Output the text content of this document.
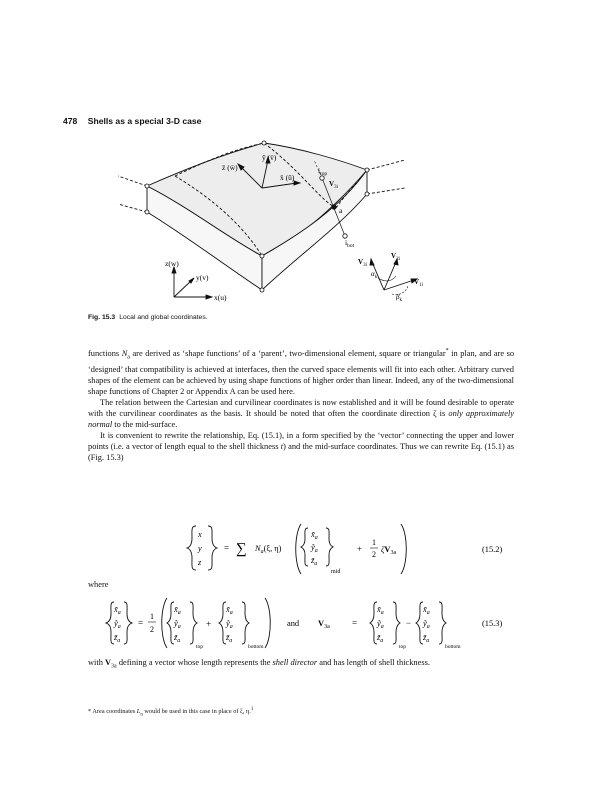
478 Shells as a special 3-D case
z̄ (w̄)
ȳ (v̄)
x̄ (ū)
z(w)
y(v)
x(u)
$i_{top}$
$V_{3i}$
a
$i_{bot}$
$V_{3i}$
$V_{2i}$
$V_{1i}$
$\alpha_k$
$\beta_k$
Fig. 15.3 Local and global coordinates.

functions $N_a$ are derived as ‘shape functions’ of a ‘parent’, two-dimensional element, square or triangular* in plan, and are so ‘designed’ that compatibility is achieved at interfaces, then the curved space elements will fit into each other. Arbitrary curved shapes of the element can be achieved by using shape functions of higher order than linear. Indeed, any of the two-dimensional shape functions of Chapter 2 or Appendix A can be used here.

The relation between the Cartesian and curvilinear coordinates is now established and it will be found desirable to operate with the curvilinear coordinates as the basis. It should be noted that often the coordinate direction ζ is only approximately normal to the mid-surface.

It is convenient to rewrite the relationship, Eq. (15.1), in a form specified by the ‘vector’ connecting the upper and lower points (i.e. a vector of length equal to the shell thickness t) and the mid-surface coordinates. Thus we can rewrite Eq. (15.1) as (Fig. 15.3)

x
y
z
= ∑ $N_a(\xi$, η)
$x̃_a$
ỹ$_a$
$z̃_a$
mid
+
1
2
$\zeta V_{3a}$	(15.2)
where
$x̃_a$
ỹ$_a$
$z̃_a$
$x̃_a$
ỹ$_a$
$z̃_a$
$x̃_a$
ỹ$_a$
$z̃_a$
$x̃_a$
ỹ$_a$
$z̃_a$
$x̃_a$
ỹ$_a$
$z̃_a$
=
1
2
top
+
bottom
and $V_{3a}$ =
top
−
bottom
(15.3)
with $V_{3a}$ defining a vector whose length represents the shell director and has length of shell thickness.
* Area coordinates $L_n$ would be used in this case in place of ξ, η.$^1$
